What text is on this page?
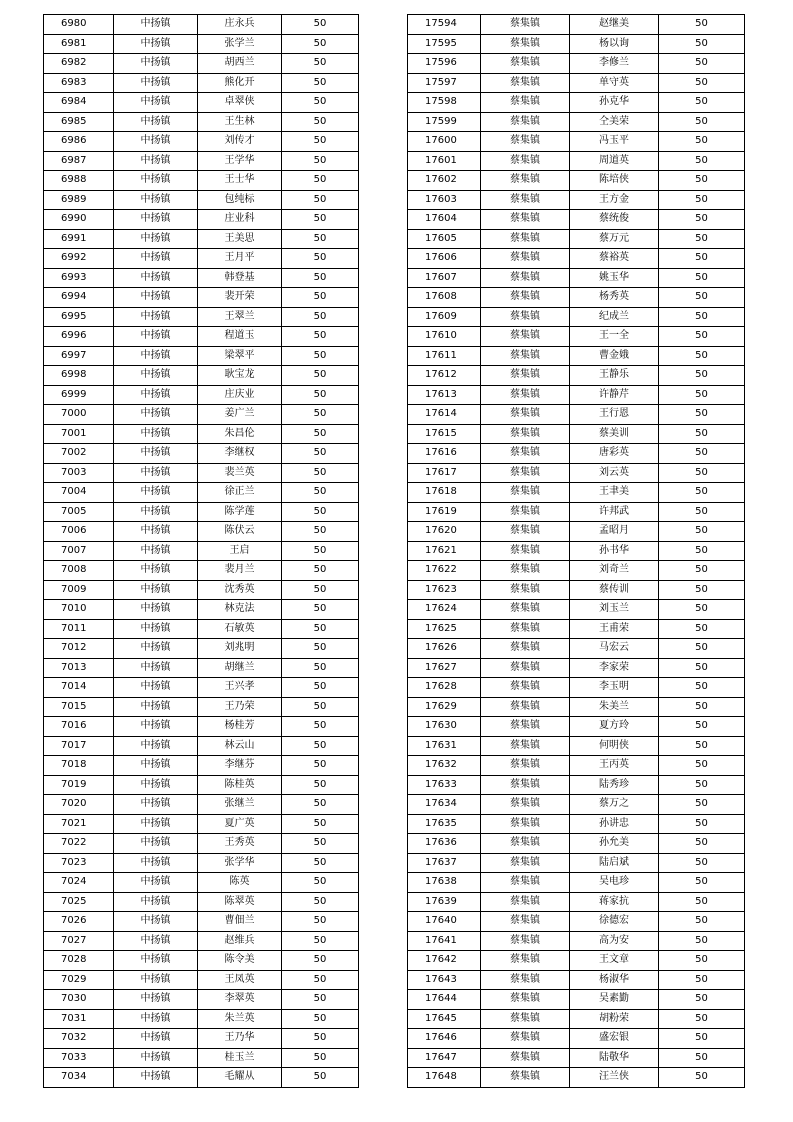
6980	中扬镇	庄永兵	50
6981	中扬镇	张学兰	50
6982	中扬镇	胡西兰	50
6983	中扬镇	熊化开	50
6984	中扬镇	卓翠侠	50
6985	中扬镇	王生林	50
6986	中扬镇	刘传才	50
6987	中扬镇	王学华	50
6988	中扬镇	王士华	50
6989	中扬镇	包纯标	50
6990	中扬镇	庄业科	50
6991	中扬镇	王美思	50
6992	中扬镇	王月平	50
6993	中扬镇	韩登基	50
6994	中扬镇	裴开荣	50
6995	中扬镇	王翠兰	50
6996	中扬镇	程道玉	50
6997	中扬镇	梁翠平	50
6998	中扬镇	耿宝龙	50
6999	中扬镇	庄庆业	50
7000	中扬镇	姜广兰	50
7001	中扬镇	朱昌伦	50
7002	中扬镇	李继权	50
7003	中扬镇	裴兰英	50
7004	中扬镇	徐正兰	50
7005	中扬镇	陈学莲	50
7006	中扬镇	陈伏云	50
7007	中扬镇	王启	50
7008	中扬镇	裴月兰	50
7009	中扬镇	沈秀英	50
7010	中扬镇	林克法	50
7011	中扬镇	石敏英	50
7012	中扬镇	刘兆明	50
7013	中扬镇	胡继兰	50
7014	中扬镇	王兴孝	50
7015	中扬镇	王乃荣	50
7016	中扬镇	杨桂芳	50
7017	中扬镇	林云山	50
7018	中扬镇	李继芬	50
7019	中扬镇	陈桂英	50
7020	中扬镇	张继兰	50
7021	中扬镇	夏广英	50
7022	中扬镇	王秀英	50
7023	中扬镇	张学华	50
7024	中扬镇	陈英	50
7025	中扬镇	陈翠英	50
7026	中扬镇	曹佃兰	50
7027	中扬镇	赵维兵	50
7028	中扬镇	陈令美	50
7029	中扬镇	王凤英	50
7030	中扬镇	李翠英	50
7031	中扬镇	朱兰英	50
7032	中扬镇	王乃华	50
7033	中扬镇	桂玉兰	50
7034	中扬镇	毛耀从	50
17594	蔡集镇	赵继美	50
17595	蔡集镇	杨以询	50
17596	蔡集镇	李修兰	50
17597	蔡集镇	单守英	50
17598	蔡集镇	孙克华	50
17599	蔡集镇	仝美荣	50
17600	蔡集镇	冯玉平	50
17601	蔡集镇	周道英	50
17602	蔡集镇	陈培侠	50
17603	蔡集镇	王方金	50
17604	蔡集镇	蔡统俊	50
17605	蔡集镇	蔡万元	50
17606	蔡集镇	蔡裕英	50
17607	蔡集镇	姚玉华	50
17608	蔡集镇	杨秀英	50
17609	蔡集镇	纪成兰	50
17610	蔡集镇	王一全	50
17611	蔡集镇	曹金娥	50
17612	蔡集镇	王静乐	50
17613	蔡集镇	许静芹	50
17614	蔡集镇	王行恩	50
17615	蔡集镇	蔡美训	50
17616	蔡集镇	唐彩英	50
17617	蔡集镇	刘云英	50
17618	蔡集镇	王聿美	50
17619	蔡集镇	许邦武	50
17620	蔡集镇	孟昭月	50
17621	蔡集镇	孙书华	50
17622	蔡集镇	刘奇兰	50
17623	蔡集镇	蔡传训	50
17624	蔡集镇	刘玉兰	50
17625	蔡集镇	王甫荣	50
17626	蔡集镇	马宏云	50
17627	蔡集镇	李家荣	50
17628	蔡集镇	李玉明	50
17629	蔡集镇	朱美兰	50
17630	蔡集镇	夏方玲	50
17631	蔡集镇	何明侠	50
17632	蔡集镇	王丙英	50
17633	蔡集镇	陆秀珍	50
17634	蔡集镇	蔡万之	50
17635	蔡集镇	孙讲忠	50
17636	蔡集镇	孙允美	50
17637	蔡集镇	陆启斌	50
17638	蔡集镇	吴电珍	50
17639	蔡集镇	蒋家抗	50
17640	蔡集镇	徐德宏	50
17641	蔡集镇	高为安	50
17642	蔡集镇	王文章	50
17643	蔡集镇	杨淑华	50
17644	蔡集镇	吴素勤	50
17645	蔡集镇	胡粉荣	50
17646	蔡集镇	盛宏银	50
17647	蔡集镇	陆敬华	50
17648	蔡集镇	汪兰侠	50
